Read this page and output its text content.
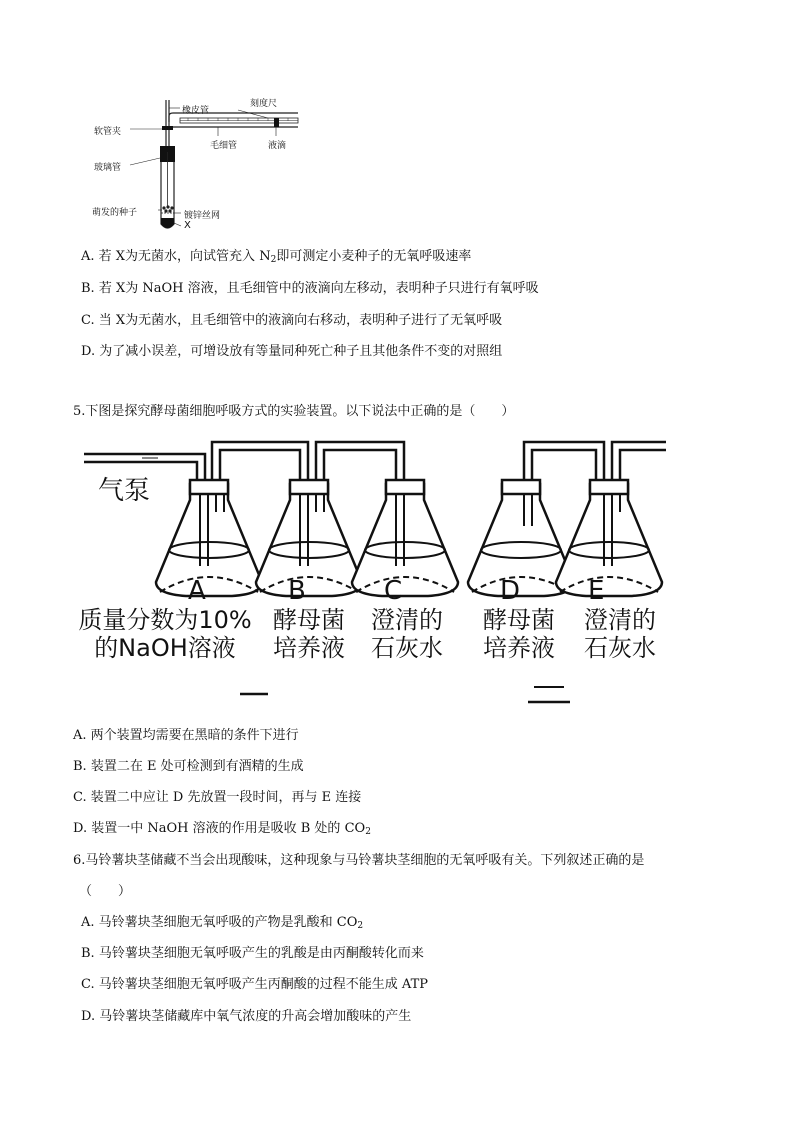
橡皮管
刻度尺
软管夹
毛细管	液滴
玻璃管
萌发的种子	镀锌丝网
X
A. 若 X为无菌水，向试管充入 $N_2$即可测定小麦种子的无氧呼吸速率
B. 若 X为 NaOH 溶液，且毛细管中的液滴向左移动，表明种子只进行有氧呼吸
C. 当 X为无菌水，且毛细管中的液滴向右移动，表明种子进行了无氧呼吸
D. 为了减小误差，可增设放有等量同种死亡种子且其他条件不变的对照组
5.下图是探究酵母菌细胞呼吸方式的实验装置。以下说法中正确的是（　　）
气泵
A	B	C	D	E
质量分数为10%
的NaOH溶液
酵母菌
培养液
澄清的
石灰水
酵母菌
培养液
澄清的
石灰水
A. 两个装置均需要在黑暗的条件下进行
B. 装置二在 E 处可检测到有酒精的生成
C. 装置二中应让 D 先放置一段时间，再与 E 连接
D. 装置一中 NaOH 溶液的作用是吸收 B 处的 $CO_2$
6.马铃薯块茎储藏不当会出现酸味，这种现象与马铃薯块茎细胞的无氧呼吸有关。下列叙述正确的是
（　　）
A. 马铃薯块茎细胞无氧呼吸的产物是乳酸和 $CO_2$
B. 马铃薯块茎细胞无氧呼吸产生的乳酸是由丙酮酸转化而来
C. 马铃薯块茎细胞无氧呼吸产生丙酮酸的过程不能生成 ATP
D. 马铃薯块茎储藏库中氧气浓度的升高会增加酸味的产生
